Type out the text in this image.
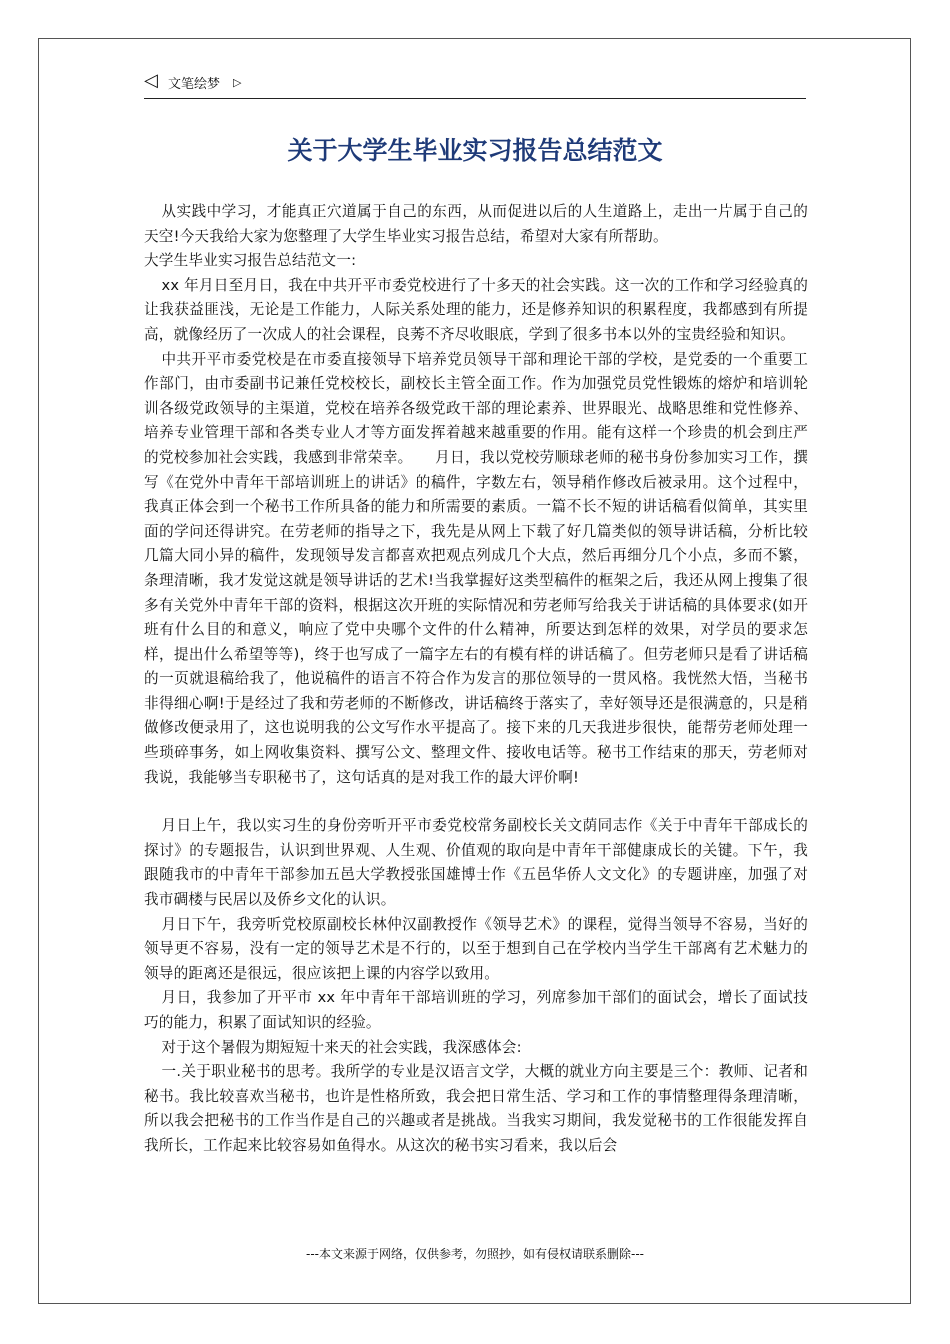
◁ 文笔绘梦 ▷
关于大学生毕业实习报告总结范文

从实践中学习，才能真正穴道属于自己的东西，从而促进以后的人生道路上，走出一片属于自己的天空!今天我给大家为您整理了大学生毕业实习报告总结，希望对大家有所帮助。

大学生毕业实习报告总结范文一:

xx 年月日至月日，我在中共开平市委党校进行了十多天的社会实践。这一次的工作和学习经验真的让我获益匪浅，无论是工作能力，人际关系处理的能力，还是修养知识的积累程度，我都感到有所提高，就像经历了一次成人的社会课程，良莠不齐尽收眼底，学到了很多书本以外的宝贵经验和知识。

中共开平市委党校是在市委直接领导下培养党员领导干部和理论干部的学校，是党委的一个重要工作部门，由市委副书记兼任党校校长，副校长主管全面工作。作为加强党员党性锻炼的熔炉和培训轮训各级党政领导的主渠道，党校在培养各级党政干部的理论素养、世界眼光、战略思维和党性修养、培养专业管理干部和各类专业人才等方面发挥着越来越重要的作用。能有这样一个珍贵的机会到庄严的党校参加社会实践，我感到非常荣幸。　　月日，我以党校劳顺球老师的秘书身份参加实习工作，撰写《在党外中青年干部培训班上的讲话》的稿件，字数左右，领导稍作修改后被录用。这个过程中，我真正体会到一个秘书工作所具备的能力和所需要的素质。一篇不长不短的讲话稿看似简单，其实里面的学问还得讲究。在劳老师的指导之下，我先是从网上下载了好几篇类似的领导讲话稿，分析比较几篇大同小异的稿件，发现领导发言都喜欢把观点列成几个大点，然后再细分几个小点，多而不繁，条理清晰，我才发觉这就是领导讲话的艺术!当我掌握好这类型稿件的框架之后，我还从网上搜集了很多有关党外中青年干部的资料，根据这次开班的实际情况和劳老师写给我关于讲话稿的具体要求(如开班有什么目的和意义，响应了党中央哪个文件的什么精神，所要达到怎样的效果，对学员的要求怎样，提出什么希望等等)，终于也写成了一篇字左右的有模有样的讲话稿了。但劳老师只是看了讲话稿的一页就退稿给我了，他说稿件的语言不符合作为发言的那位领导的一贯风格。我恍然大悟，当秘书非得细心啊!于是经过了我和劳老师的不断修改，讲话稿终于落实了，幸好领导还是很满意的，只是稍做修改便录用了，这也说明我的公文写作水平提高了。接下来的几天我进步很快，能帮劳老师处理一些琐碎事务，如上网收集资料、撰写公文、整理文件、接收电话等。秘书工作结束的那天，劳老师对我说，我能够当专职秘书了，这句话真的是对我工作的最大评价啊!

月日上午，我以实习生的身份旁听开平市委党校常务副校长关文荫同志作《关于中青年干部成长的探讨》的专题报告，认识到世界观、人生观、价值观的取向是中青年干部健康成长的关键。下午，我跟随我市的中青年干部参加五邑大学教授张国雄博士作《五邑华侨人文文化》的专题讲座，加强了对我市碉楼与民居以及侨乡文化的认识。

月日下午，我旁听党校原副校长林仲汉副教授作《领导艺术》的课程，觉得当领导不容易，当好的领导更不容易，没有一定的领导艺术是不行的，以至于想到自己在学校内当学生干部离有艺术魅力的领导的距离还是很远，很应该把上课的内容学以致用。

月日，我参加了开平市 xx 年中青年干部培训班的学习，列席参加干部们的面试会，增长了面试技巧的能力，积累了面试知识的经验。

对于这个暑假为期短短十来天的社会实践，我深感体会:

一.关于职业秘书的思考。我所学的专业是汉语言文学，大概的就业方向主要是三个：教师、记者和秘书。我比较喜欢当秘书，也许是性格所致，我会把日常生活、学习和工作的事情整理得条理清晰，所以我会把秘书的工作当作是自己的兴趣或者是挑战。当我实习期间，我发觉秘书的工作很能发挥自我所长，工作起来比较容易如鱼得水。从这次的秘书实习看来，我以后会

---本文来源于网络，仅供参考，勿照抄，如有侵权请联系删除---
